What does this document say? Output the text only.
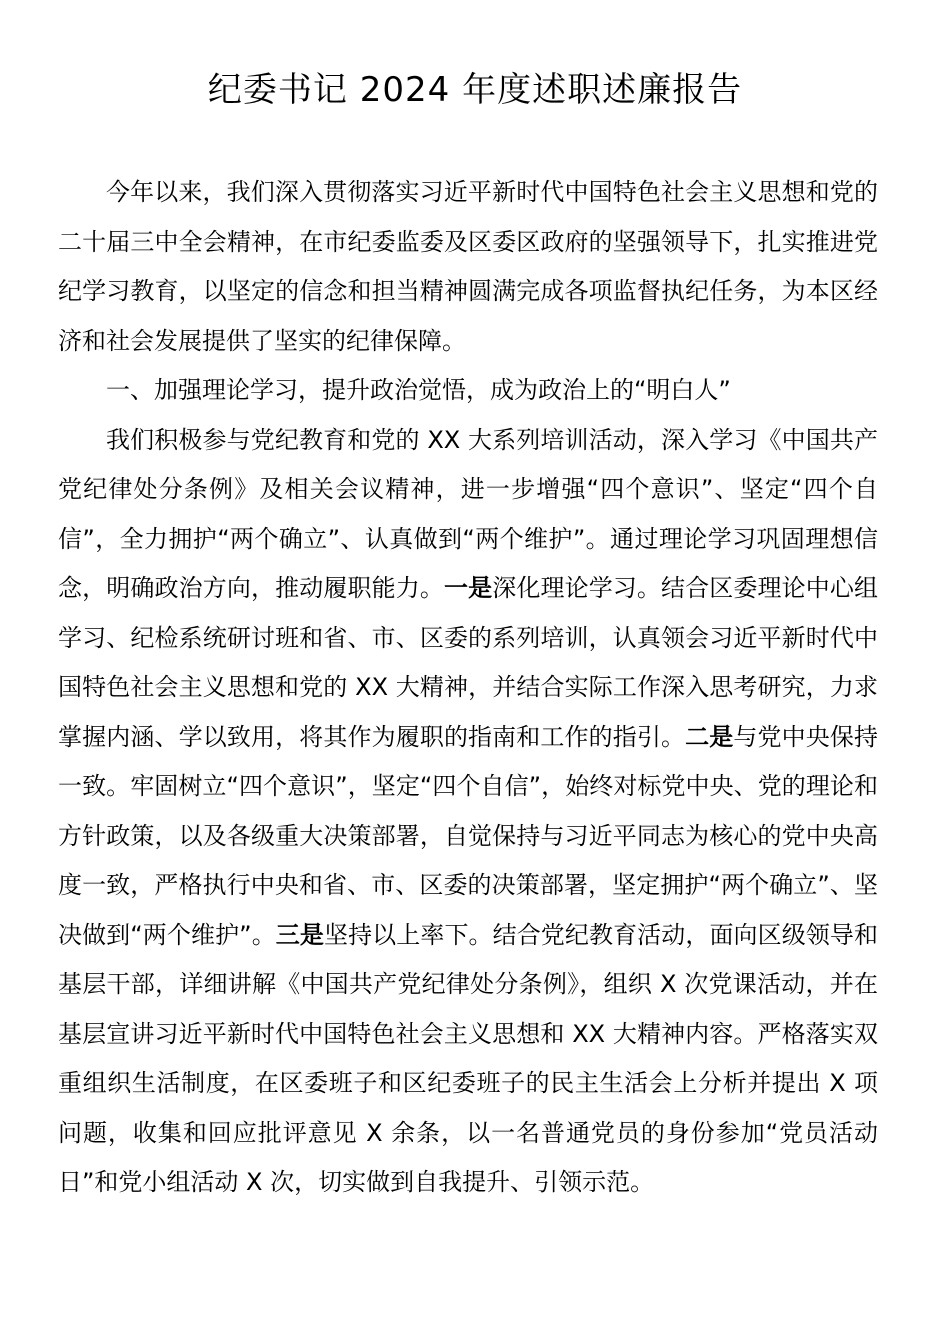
纪委书记 2024 年度述职述廉报告

今年以来，我们深入贯彻落实习近平新时代中国特色社会主义思想和党的二十届三中全会精神，在市纪委监委及区委区政府的坚强领导下，扎实推进党纪学习教育，以坚定的信念和担当精神圆满完成各项监督执纪任务，为本区经济和社会发展提供了坚实的纪律保障。

一、加强理论学习，提升政治觉悟，成为政治上的“明白人”

我们积极参与党纪教育和党的 XX 大系列培训活动，深入学习《中国共产党纪律处分条例》及相关会议精神，进一步增强“四个意识”、坚定“四个自信”，全力拥护“两个确立”、认真做到“两个维护”。通过理论学习巩固理想信念，明确政治方向，推动履职能力。一是深化理论学习。结合区委理论中心组学习、纪检系统研讨班和省、市、区委的系列培训，认真领会习近平新时代中国特色社会主义思想和党的 XX 大精神，并结合实际工作深入思考研究，力求掌握内涵、学以致用，将其作为履职的指南和工作的指引。二是与党中央保持一致。牢固树立“四个意识”，坚定“四个自信”，始终对标党中央、党的理论和方针政策，以及各级重大决策部署，自觉保持与习近平同志为核心的党中央高度一致，严格执行中央和省、市、区委的决策部署，坚定拥护“两个确立”、坚决做到“两个维护”。三是坚持以上率下。结合党纪教育活动，面向区级领导和基层干部，详细讲解《中国共产党纪律处分条例》，组织 X 次党课活动，并在基层宣讲习近平新时代中国特色社会主义思想和 XX 大精神内容。严格落实双重组织生活制度，在区委班子和区纪委班子的民主生活会上分析并提出 X 项问题，收集和回应批评意见 X 余条，以一名普通党员的身份参加“党员活动日”和党小组活动 X 次，切实做到自我提升、引领示范。
